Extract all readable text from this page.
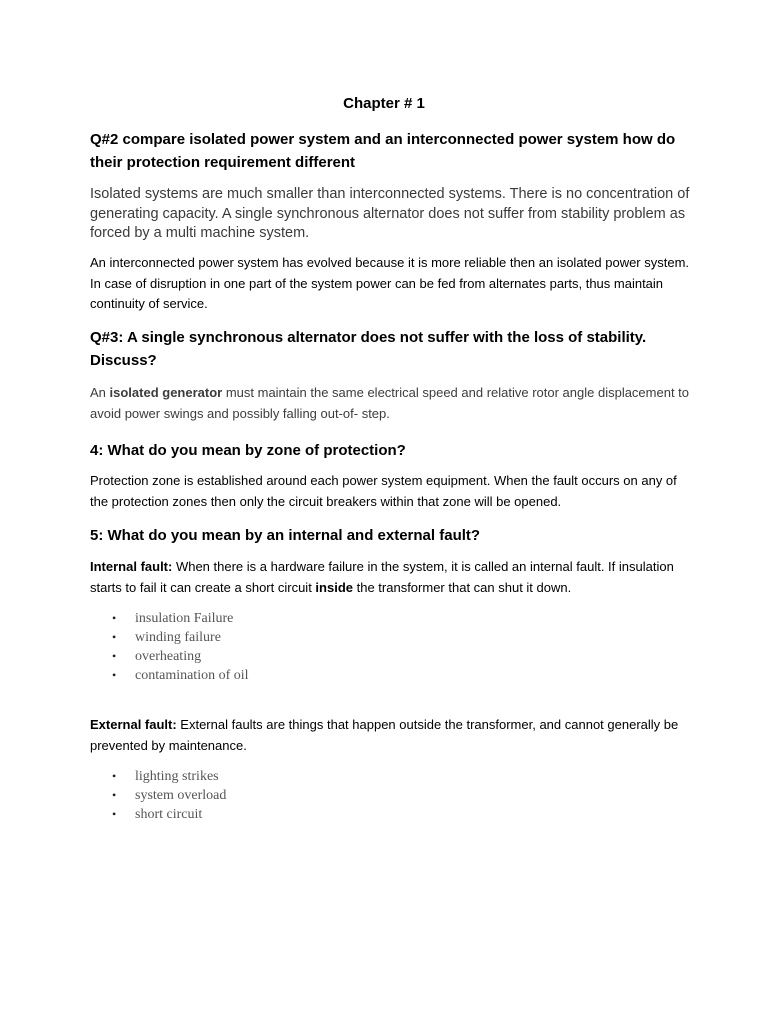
Chapter # 1
Q#2 compare isolated power system and an interconnected power system how do their protection requirement different
Isolated systems are much smaller than interconnected systems. There is no concentration of generating capacity. A single synchronous alternator does not suffer from stability problem as forced by a multi machine system.
An interconnected power system has evolved because it is more reliable then an isolated power system. In case of disruption in one part of the system power can be fed from alternates parts, thus maintain continuity of service.
Q#3: A single synchronous alternator does not suffer with the loss of stability. Discuss?
An isolated generator must maintain the same electrical speed and relative rotor angle displacement to avoid power swings and possibly falling out-of- step.
4: What do you mean by zone of protection?
Protection zone is established around each power system equipment. When the fault occurs on any of the protection zones then only the circuit breakers within that zone will be opened.
5: What do you mean by an internal and external fault?
Internal fault: When there is a hardware failure in the system, it is called an internal fault. If insulation starts to fail it can create a short circuit inside the transformer that can shut it down.
• insulation Failure
• winding failure
• overheating
• contamination of oil
External fault: External faults are things that happen outside the transformer, and cannot generally be prevented by maintenance.
• lighting strikes
• system overload
• short circuit
